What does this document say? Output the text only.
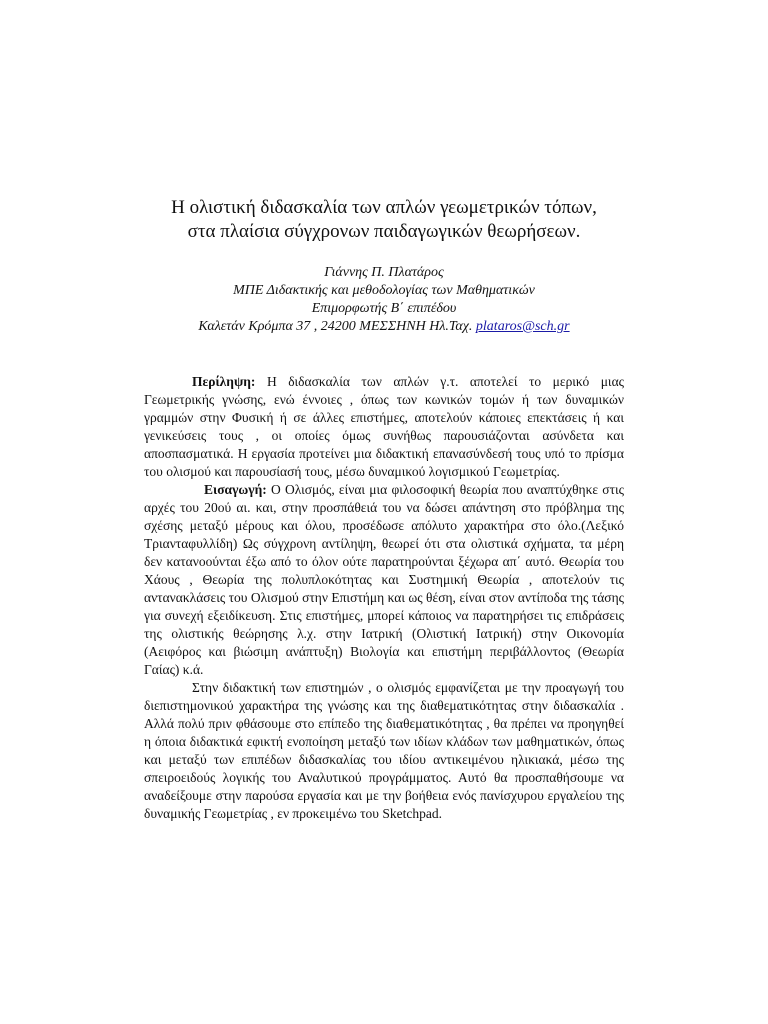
Η ολιστική διδασκαλία των απλών γεωμετρικών τόπων,
στα πλαίσια σύγχρονων παιδαγωγικών θεωρήσεων.
Γιάννης Π. Πλατάρος
ΜΠΕ Διδακτικής και μεθοδολογίας των Μαθηματικών
Επιμορφωτής Β΄ επιπέδου
Καλετάν Κρόμπα 37 , 24200 ΜΕΣΣΗΝΗ Ηλ.Ταχ. plataros@sch.gr

Περίληψη: Η διδασκαλία των απλών γ.τ. αποτελεί το μερικό μιας Γεωμετρικής γνώσης, ενώ έννοιες , όπως των κωνικών τομών ή των δυναμικών γραμμών στην Φυσική ή σε άλλες επιστήμες, αποτελούν κάποιες επεκτάσεις ή και γενικεύσεις τους , οι οποίες όμως συνήθως παρουσιάζονται ασύνδετα και αποσπασματικά. Η εργασία προτείνει μια διδακτική επανασύνδεσή τους υπό το πρίσμα του ολισμού και παρουσίασή τους, μέσω δυναμικού λογισμικού Γεωμετρίας.

Εισαγωγή: Ο Ολισμός, είναι μια φιλοσοφική θεωρία που αναπτύχθηκε στις αρχές του 20ού αι. και, στην προσπάθειά του να δώσει απάντηση στο πρόβλημα της σχέσης μεταξύ μέρους και όλου, προσέδωσε απόλυτο χαρακτήρα στο όλο.(Λεξικό Τριανταφυλλίδη) Ως σύγχρονη αντίληψη, θεωρεί ότι στα ολιστικά σχήματα, τα μέρη δεν κατανοούνται έξω από το όλον ούτε παρατηρούνται ξέχωρα απ΄ αυτό. Θεωρία του Χάους , Θεωρία της πολυπλοκότητας και Συστημική Θεωρία , αποτελούν τις αντανακλάσεις του Ολισμού στην Επιστήμη και ως θέση, είναι στον αντίποδα της τάσης για συνεχή εξειδίκευση. Στις επιστήμες, μπορεί κάποιος να παρατηρήσει τις επιδράσεις της ολιστικής θεώρησης λ.χ. στην Ιατρική (Ολιστική Ιατρική) στην Οικονομία (Αειφόρος και βιώσιμη ανάπτυξη) Βιολογία και επιστήμη περιβάλλοντος (Θεωρία Γαίας) κ.ά.

Στην διδακτική των επιστημών , ο ολισμός εμφανίζεται με την προαγωγή του διεπιστημονικού χαρακτήρα της γνώσης και της διαθεματικότητας στην διδασκαλία . Αλλά πολύ πριν φθάσουμε στο επίπεδο της διαθεματικότητας , θα πρέπει να προηγηθεί η όποια διδακτικά εφικτή ενοποίηση μεταξύ των ιδίων κλάδων των μαθηματικών, όπως και μεταξύ των επιπέδων διδασκαλίας του ιδίου αντικειμένου ηλικιακά, μέσω της σπειροειδούς λογικής του Αναλυτικού προγράμματος. Αυτό θα προσπαθήσουμε να αναδείξουμε στην παρούσα εργασία και με την βοήθεια ενός πανίσχυρου εργαλείου της δυναμικής Γεωμετρίας , εν προκειμένω του Sketchpad.
